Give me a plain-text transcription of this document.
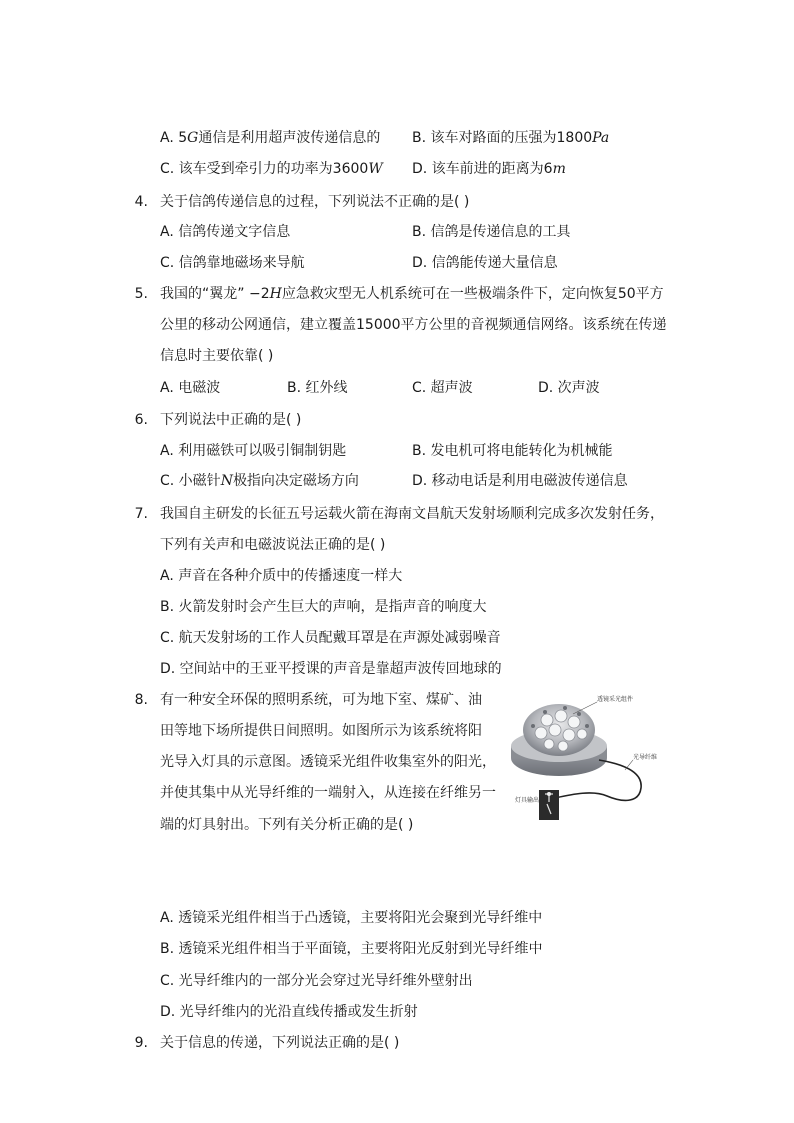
A. 5G通信是利用超声波传递信息的 B. 该车对路面的压强为1800Pa
C. 该车受到牵引力的功率为3600W D. 该车前进的距离为6m
4. 关于信鸽传递信息的过程，下列说法不正确的是( )
A. 信鸽传递文字信息	B. 信鸽是传递信息的工具
C. 信鸽靠地磁场来导航	D. 信鸽能传递大量信息
5. 我国的“翼龙” −2H应急救灾型无人机系统可在一些极端条件下，定向恢复50平方
公里的移动公网通信，建立覆盖15000平方公里的音视频通信网络。该系统在传递
信息时主要依靠( )
A. 电磁波	B. 红外线	C. 超声波	D. 次声波
6. 下列说法中正确的是( )
A. 利用磁铁可以吸引铜制钥匙	B. 发电机可将电能转化为机械能
C. 小磁针N极指向决定磁场方向	D. 移动电话是利用电磁波传递信息
7. 我国自主研发的长征五号运载火箭在海南文昌航天发射场顺利完成多次发射任务，
下列有关声和电磁波说法正确的是( )
A. 声音在各种介质中的传播速度一样大
B. 火箭发射时会产生巨大的声响，是指声音的响度大
C. 航天发射场的工作人员配戴耳罩是在声源处减弱噪音
D. 空间站中的王亚平授课的声音是靠超声波传回地球的
8. 有一种安全环保的照明系统，可为地下室、煤矿、油
田等地下场所提供日间照明。如图所示为该系统将阳
光导入灯具的示意图。透镜采光组件收集室外的阳光，
并使其集中从光导纤维的一端射入，从连接在纤维另一
端的灯具射出。下列有关分析正确的是( )
透镜采光组件
光导纤维
灯具输出
A. 透镜采光组件相当于凸透镜，主要将阳光会聚到光导纤维中
B. 透镜采光组件相当于平面镜，主要将阳光反射到光导纤维中
C. 光导纤维内的一部分光会穿过光导纤维外壁射出
D. 光导纤维内的光沿直线传播或发生折射
9. 关于信息的传递，下列说法正确的是( )
